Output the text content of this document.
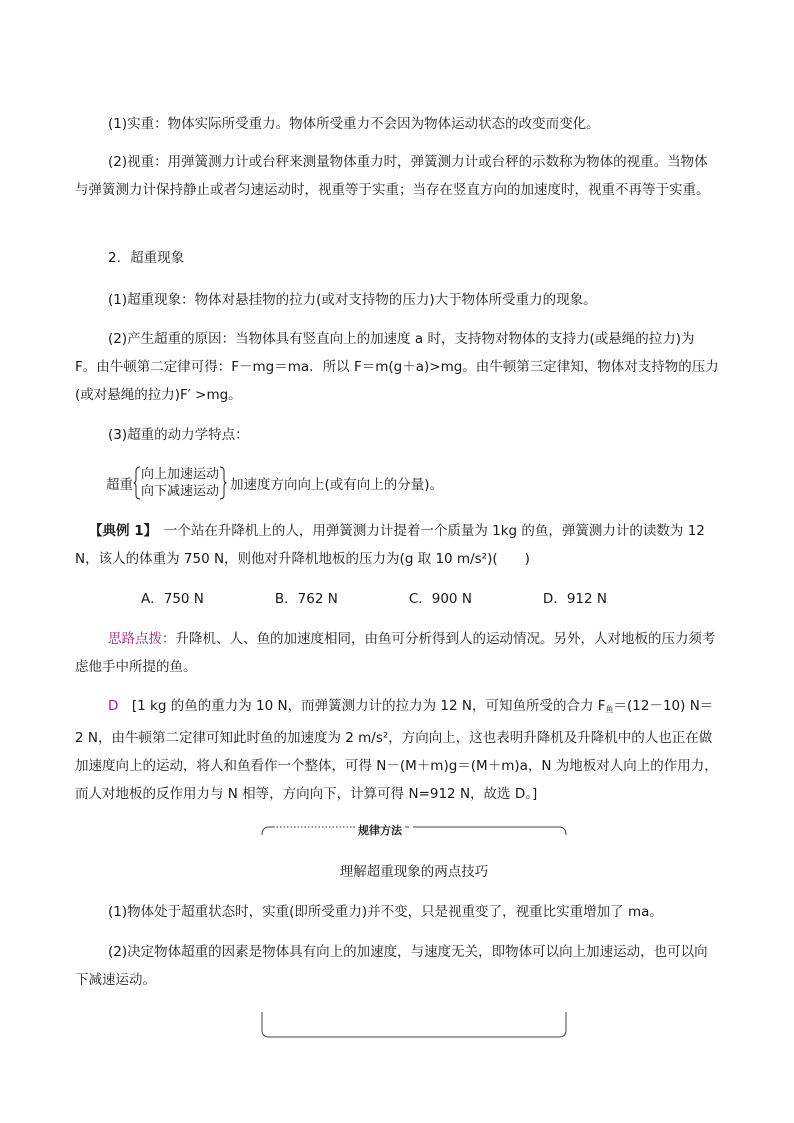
(1)实重：物体实际所受重力。物体所受重力不会因为物体运动状态的改变而变化。

(2)视重：用弹簧测力计或台秤来测量物体重力时，弹簧测力计或台秤的示数称为物体的视重。当物体与弹簧测力计保持静止或者匀速运动时，视重等于实重；当存在竖直方向的加速度时，视重不再等于实重。

2．超重现象

(1)超重现象：物体对悬挂物的拉力(或对支持物的压力)大于物体所受重力的现象。

(2)产生超重的原因：当物体具有竖直向上的加速度 a 时，支持物对物体的支持力(或悬绳的拉力)为 F。由牛顿第二定律可得：F－mg＝ma．所以 F＝m(g＋a)>mg。由牛顿第三定律知，物体对支持物的压力(或对悬绳的拉力)F′ >mg。

(3)超重的动力学特点：

超重
向上加速运动
向下减速运动 加速度方向向上(或有向上的分量)。

【典例 1】　 一个站在升降机上的人，用弹簧测力计提着一个质量为 1kg 的鱼，弹簧测力计的读数为 12 N，该人的体重为 750 N，则他对升降机地板的压力为(g 取 10 m/s²)(　　)

A．750 N	B．762 N	C．900 N	D．912 N

思路点拨：升降机、人、鱼的加速度相同，由鱼可分析得到人的运动情况。另外，人对地板的压力须考虑他手中所提的鱼。

D　 [1 kg 的鱼的重力为 10 N，而弹簧测力计的拉力为 12 N，可知鱼所受的合力 $F_鱼=(12-10)$ N＝2 N，由牛顿第二定律可知此时鱼的加速度为 2 m/s²，方向向上，这也表明升降机及升降机中的人也正在做加速度向上的运动，将人和鱼看作一个整体，可得 N－(M＋m)g＝(M＋m)a，N 为地板对人向上的作用力，而人对地板的反作用力与 N 相等，方向向下，计算可得 N=912 N，故选 D。]

规律方法

理解超重现象的两点技巧

(1)物体处于超重状态时，实重(即所受重力)并不变，只是视重变了，视重比实重增加了 ma。

(2)决定物体超重的因素是物体具有向上的加速度，与速度无关，即物体可以向上加速运动，也可以向下减速运动。
